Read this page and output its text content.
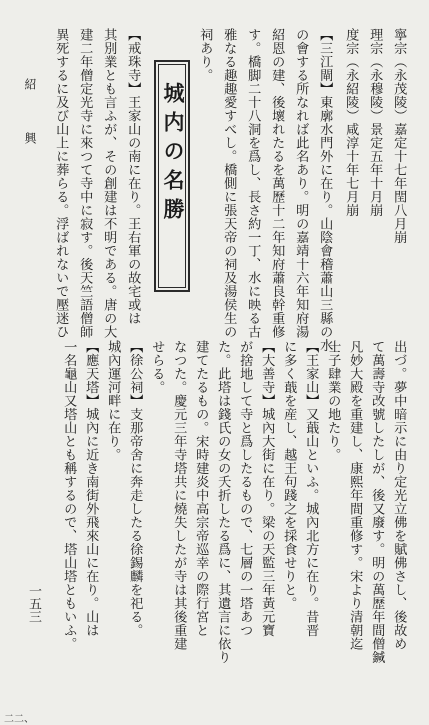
紹　　興	寧宗（永茂陵）嘉定十七年閏八月崩
理宗（永穆陵）景定五年十月崩
度宗（永紹陵）咸淳十年七月崩
【三江閘】東廓水門外に在り。山陰會稽蕭山三縣の水
の會する所なれば此名あり。明の嘉靖十六年知府湯
紹恩の建、後壞れたるを萬歷十二年知府蕭良幹重修
す。橋脚二十八洞を爲し、長さ約一丁、水に映る古
雅なる趣趣愛すべし。橋側に張天帝の祠及湯侯生の
祠あり。
城内の名勝
【戒珠寺】王家山の南に在り。王右軍の故宅或は
其別業とも言ふが、その創建は不明である。唐の大
建二年僧定光寺に來つて寺中に寂す。後天竺語僧師
異死するに及び山上に葬らる。浮ばれないで壓迷ひ
出づ。夢中暗示に由り定光立佛を賦佛さし、後故め
て萬壽寺改號したしが、後又廢す。明の萬歷年間僧鍼
凡妙大殿を重建し、康熙年間重修す。宋より清朝迄
士子肆業の地たり。
【王家山】又蕺山といふ。城內北方に在り。昔晋
に多く蕺を産し、越王句踐之を採食せりと。
【大善寺】城內大街に在り。梁の天監三年黃元寶
が捨地して寺と爲したるもので、七層の一塔あつ
た。此塔は錢氏の女の夭折したる爲に、其遺言に依り
建てたるもの。宋時建炎中高宗帝巡幸の際行宮と
なつた。慶元三年寺塔共に燒失したが寺は其後重建
せらる。
【徐公祠】支那帝舍に奔走したる徐錫麟を祀る。
城內運河畔に在り。
【應天塔】城內に近き南街外飛來山に在り。山は
一名龜山又塔山とも稱するので、塔山塔ともいふ。
一五三
二二、
